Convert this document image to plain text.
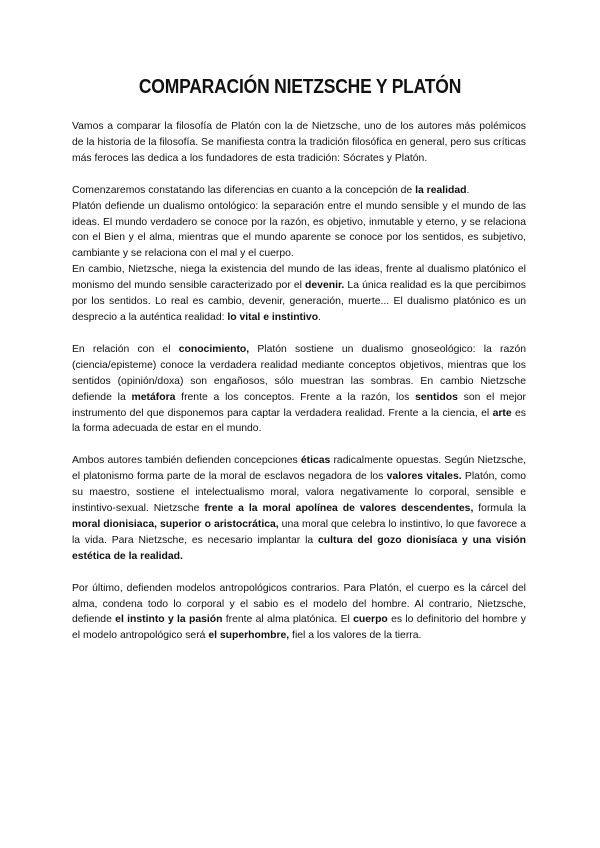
COMPARACIÓN NIETZSCHE Y PLATÓN

Vamos a comparar la filosofía de Platón con la de Nietzsche, uno de los autores más polémicos de la historia de la filosofía. Se manifiesta contra la tradición filosófica en general, pero sus críticas más feroces las dedica a los fundadores de esta tradición: Sócrates y Platón.

Comenzaremos constatando las diferencias en cuanto a la concepción de la realidad.

Platón defiende un dualismo ontológico: la separación entre el mundo sensible y el mundo de las ideas. El mundo verdadero se conoce por la razón, es objetivo, inmutable y eterno, y se relaciona con el Bien y el alma, mientras que el mundo aparente se conoce por los sentidos, es subjetivo, cambiante y se relaciona con el mal y el cuerpo.

En cambio, Nietzsche, niega la existencia del mundo de las ideas, frente al dualismo platónico el monismo del mundo sensible caracterizado por el devenir. La única realidad es la que percibimos por los sentidos. Lo real es cambio, devenir, generación, muerte... El dualismo platónico es un desprecio a la auténtica realidad: lo vital e instintivo.

En relación con el conocimiento, Platón sostiene un dualismo gnoseológico: la razón (ciencia/episteme) conoce la verdadera realidad mediante conceptos objetivos, mientras que los sentidos (opinión/doxa) son engañosos, sólo muestran las sombras. En cambio Nietzsche defiende la metáfora frente a los conceptos. Frente a la razón, los sentidos son el mejor instrumento del que disponemos para captar la verdadera realidad. Frente a la ciencia, el arte es la forma adecuada de estar en el mundo.

Ambos autores también defienden concepciones éticas radicalmente opuestas. Según Nietzsche, el platonismo forma parte de la moral de esclavos negadora de los valores vitales. Platón, como su maestro, sostiene el intelectualismo moral, valora negativamente lo corporal, sensible e instintivo-sexual. Nietzsche frente a la moral apolínea de valores descendentes, formula la moral dionisiaca, superior o aristocrática, una moral que celebra lo instintivo, lo que favorece a la vida. Para Nietzsche, es necesario implantar la cultura del gozo dionisíaca y una visión estética de la realidad.

Por último, defienden modelos antropológicos contrarios. Para Platón, el cuerpo es la cárcel del alma, condena todo lo corporal y el sabio es el modelo del hombre. Al contrario, Nietzsche, defiende el instinto y la pasión frente al alma platónica. El cuerpo es lo definitorio del hombre y el modelo antropológico será el superhombre, fiel a los valores de la tierra.
